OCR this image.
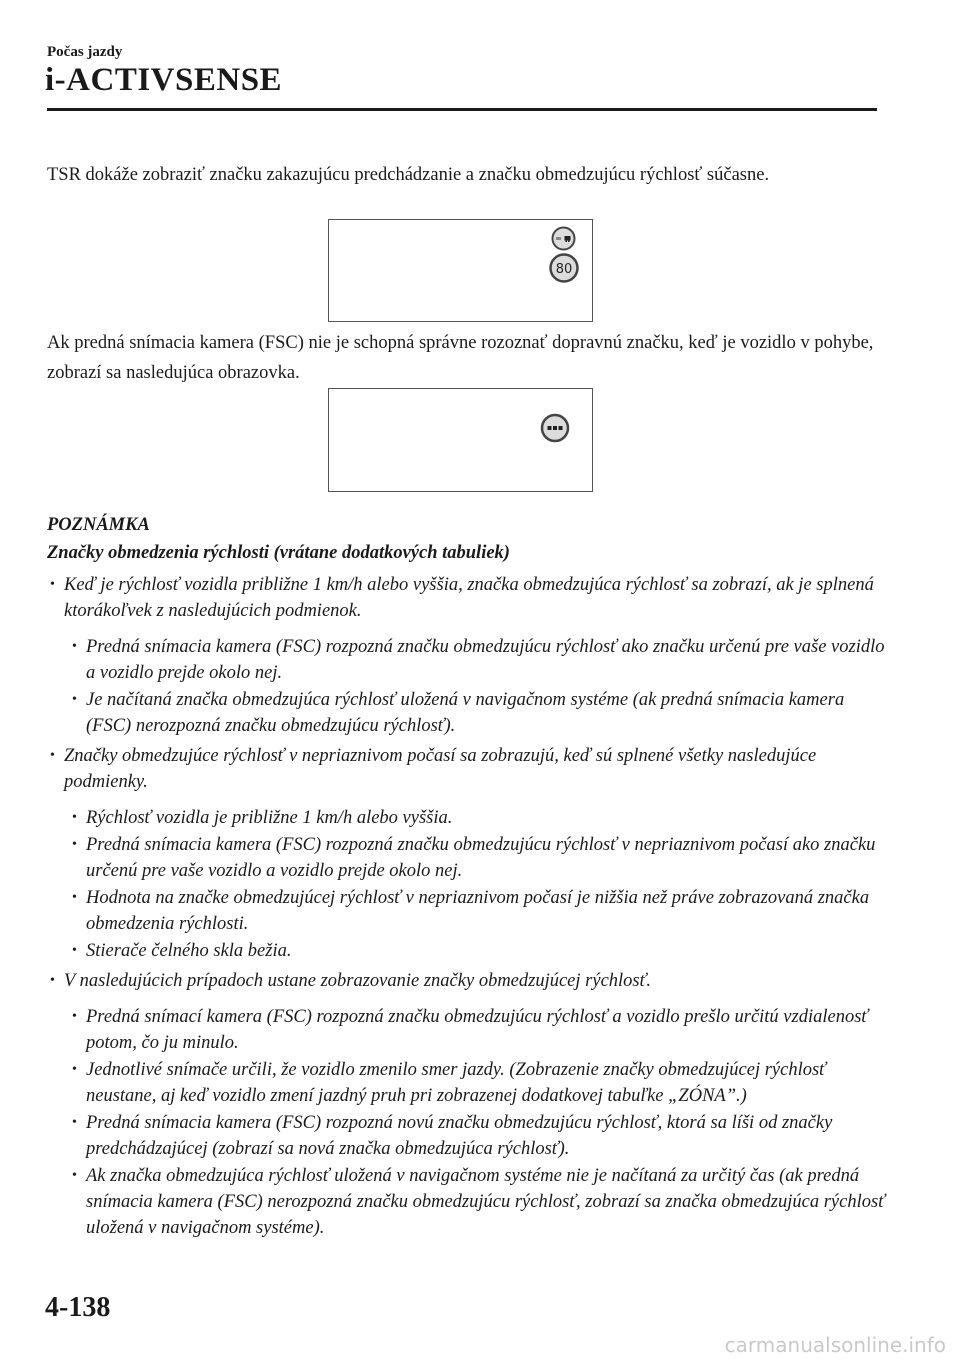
Počas jazdy
i-ACTIVSENSE

TSR dokáže zobraziť značku zakazujúcu predchádzanie a značku obmedzujúcu rýchlosť súčasne.

80

Ak predná snímacia kamera (FSC) nie je schopná správne rozoznať dopravnú značku, keď je vozidlo v pohybe, zobrazí sa nasledujúca obrazovka.

POZNÁMKA
Značky obmedzenia rýchlosti (vrátane dodatkových tabuliek)
• Keď je rýchlosť vozidla približne 1 km/h alebo vyššia, značka obmedzujúca rýchlosť sa zobrazí, ak je splnená ktorákoľvek z nasledujúcich podmienok.
• Predná snímacia kamera (FSC) rozpozná značku obmedzujúcu rýchlosť ako značku určenú pre vaše vozidlo a vozidlo prejde okolo nej.
• Je načítaná značka obmedzujúca rýchlosť uložená v navigačnom systéme (ak predná snímacia kamera (FSC) nerozpozná značku obmedzujúcu rýchlosť).
• Značky obmedzujúce rýchlosť v nepriaznivom počasí sa zobrazujú, keď sú splnené všetky nasledujúce podmienky.
• Rýchlosť vozidla je približne 1 km/h alebo vyššia.
• Predná snímacia kamera (FSC) rozpozná značku obmedzujúcu rýchlosť v nepriaznivom počasí ako značku určenú pre vaše vozidlo a vozidlo prejde okolo nej.
• Hodnota na značke obmedzujúcej rýchlosť v nepriaznivom počasí je nižšia než práve zobrazovaná značka obmedzenia rýchlosti.
• Stierače čelného skla bežia.
• V nasledujúcich prípadoch ustane zobrazovanie značky obmedzujúcej rýchlosť.
• Predná snímací kamera (FSC) rozpozná značku obmedzujúcu rýchlosť a vozidlo prešlo určitú vzdialenosť potom, čo ju minulo.
• Jednotlivé snímače určili, že vozidlo zmenilo smer jazdy. (Zobrazenie značky obmedzujúcej rýchlosť neustane, aj keď vozidlo zmení jazdný pruh pri zobrazenej dodatkovej tabuľke „ZÓNA”.)
• Predná snímacia kamera (FSC) rozpozná novú značku obmedzujúcu rýchlosť, ktorá sa líši od značky predchádzajúcej (zobrazí sa nová značka obmedzujúca rýchlosť).
• Ak značka obmedzujúca rýchlosť uložená v navigačnom systéme nie je načítaná za určitý čas (ak predná snímacia kamera (FSC) nerozpozná značku obmedzujúcu rýchlosť, zobrazí sa značka obmedzujúca rýchlosť uložená v navigačnom systéme).
4-138
carmanualsonline.info
